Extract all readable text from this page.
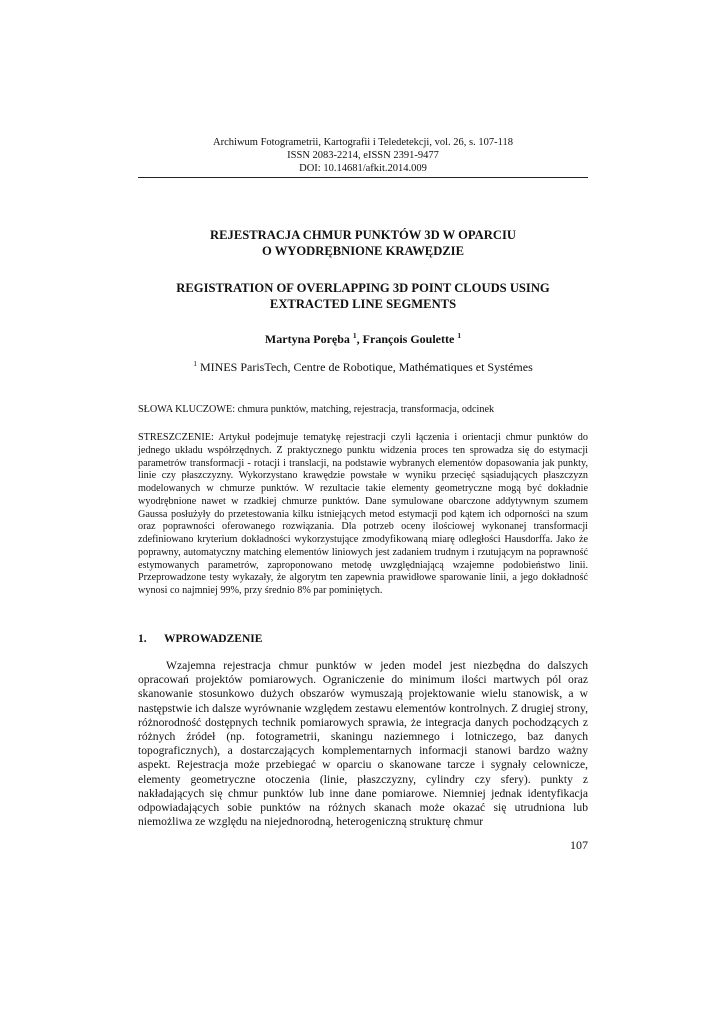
Archiwum Fotogrametrii, Kartografii i Teledetekcji, vol. 26, s. 107-118
ISSN 2083-2214, eISSN 2391-9477
DOI: 10.14681/afkit.2014.009
REJESTRACJA CHMUR PUNKTÓW 3D W OPARCIU
O WYODRĘBNIONE KRAWĘDZIE
REGISTRATION OF OVERLAPPING 3D POINT CLOUDS USING
EXTRACTED LINE SEGMENTS
Martyna Poręba $^1$, François Goulette $^1$
$^1$ MINES ParisTech, Centre de Robotique, Mathématiques et Systémes
SŁOWA KLUCZOWE: chmura punktów, matching, rejestracja, transformacja, odcinek
STRESZCZENIE: Artykuł podejmuje tematykę rejestracji czyli łączenia i orientacji chmur punktów do jednego układu współrzędnych. Z praktycznego punktu widzenia proces ten sprowadza się do estymacji parametrów transformacji - rotacji i translacji, na podstawie wybranych elementów dopasowania jak punkty, linie czy płaszczyzny. Wykorzystano krawędzie powstałe w wyniku przecięć sąsiadujących płaszczyzn modelowanych w chmurze punktów. W rezultacie takie elementy geometryczne mogą być dokładnie wyodrębnione nawet w rzadkiej chmurze punktów. Dane symulowane obarczone addytywnym szumem Gaussa posłużyły do przetestowania kilku istniejących metod estymacji pod kątem ich odporności na szum oraz poprawności oferowanego rozwiązania. Dla potrzeb oceny ilościowej wykonanej transformacji zdefiniowano kryterium dokładności wykorzystujące zmodyfikowaną miarę odległości Hausdorffa. Jako że poprawny, automatyczny matching elementów liniowych jest zadaniem trudnym i rzutującym na poprawność estymowanych parametrów, zaproponowano metodę uwzględniającą wzajemne podobieństwo linii. Przeprowadzone testy wykazały, że algorytm ten zapewnia prawidłowe sparowanie linii, a jego dokładność wynosi co najmniej 99%, przy średnio 8% par pominiętych.
1. WPROWADZENIE

Wzajemna rejestracja chmur punktów w jeden model jest niezbędna do dalszych opracowań projektów pomiarowych. Ograniczenie do minimum ilości martwych pól oraz skanowanie stosunkowo dużych obszarów wymuszają projektowanie wielu stanowisk, a w następstwie ich dalsze wyrównanie względem zestawu elementów kontrolnych. Z drugiej strony, różnorodność dostępnych technik pomiarowych sprawia, że integracja danych pochodzących z różnych źródeł (np. fotogrametrii, skaningu naziemnego i lotniczego, baz danych topograficznych), a dostarczających komplementarnych informacji stanowi bardzo ważny aspekt. Rejestracja może przebiegać w oparciu o skanowane tarcze i sygnały celownicze, elementy geometryczne otoczenia (linie, płaszczyzny, cylindry czy sfery). punkty z nakładających się chmur punktów lub inne dane pomiarowe. Niemniej jednak identyfikacja odpowiadających sobie punktów na różnych skanach może okazać się utrudniona lub niemożliwa ze względu na niejednorodną, heterogeniczną strukturę chmur

107
